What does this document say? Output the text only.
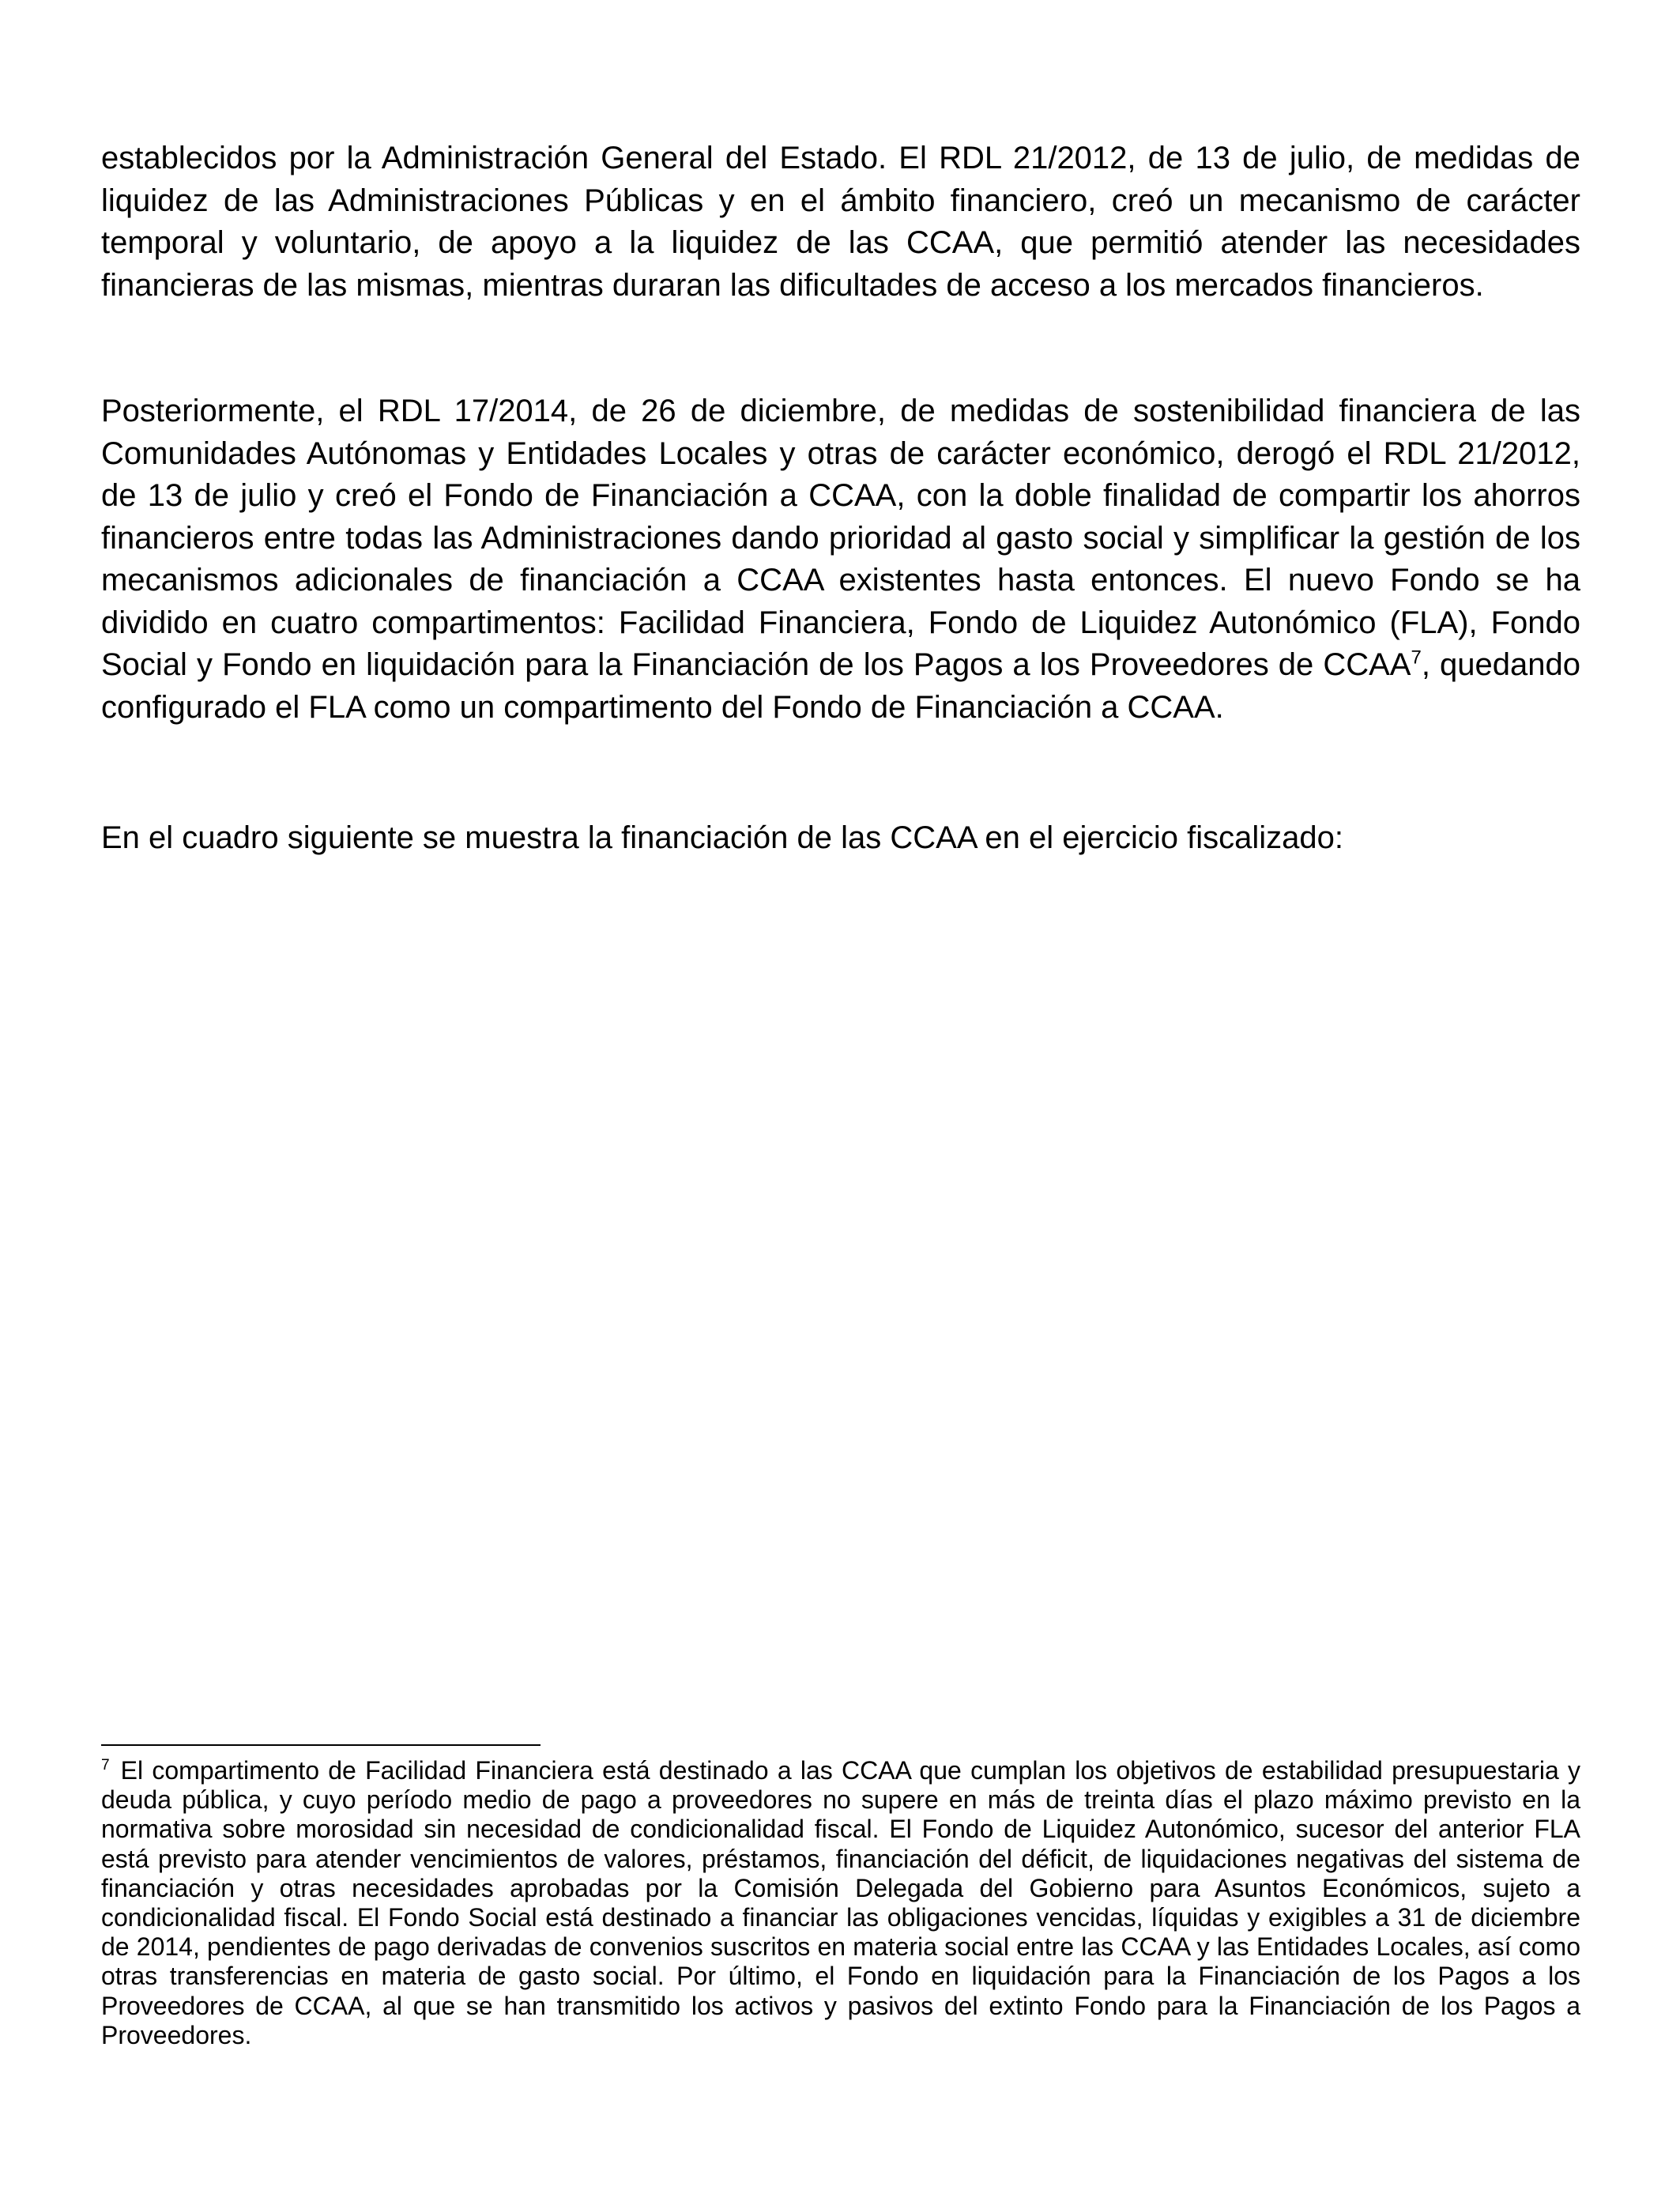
establecidos por la Administración General del Estado. El RDL 21/2012, de 13 de julio, de medidas de liquidez de las Administraciones Públicas y en el ámbito financiero, creó un mecanismo de carácter temporal y voluntario, de apoyo a la liquidez de las CCAA, que permitió atender las necesidades financieras de las mismas, mientras duraran las dificultades de acceso a los mercados financieros.

Posteriormente, el RDL 17/2014, de 26 de diciembre, de medidas de sostenibilidad financiera de las Comunidades Autónomas y Entidades Locales y otras de carácter económico, derogó el RDL 21/2012, de 13 de julio y creó el Fondo de Financiación a CCAA, con la doble finalidad de compartir los ahorros financieros entre todas las Administraciones dando prioridad al gasto social y simplificar la gestión de los mecanismos adicionales de financiación a CCAA existentes hasta entonces. El nuevo Fondo se ha dividido en cuatro compartimentos: Facilidad Financiera, Fondo de Liquidez Autonómico (FLA), Fondo Social y Fondo en liquidación para la Financiación de los Pagos a los Proveedores de CCAA$^7$, quedando configurado el FLA como un compartimento del Fondo de Financiación a CCAA.

En el cuadro siguiente se muestra la financiación de las CCAA en el ejercicio fiscalizado:

$^7$ El compartimento de Facilidad Financiera está destinado a las CCAA que cumplan los objetivos de estabilidad presupuestaria y deuda pública, y cuyo período medio de pago a proveedores no supere en más de treinta días el plazo máximo previsto en la normativa sobre morosidad sin necesidad de condicionalidad fiscal. El Fondo de Liquidez Autonómico, sucesor del anterior FLA está previsto para atender vencimientos de valores, préstamos, financiación del déficit, de liquidaciones negativas del sistema de financiación y otras necesidades aprobadas por la Comisión Delegada del Gobierno para Asuntos Económicos, sujeto a condicionalidad fiscal. El Fondo Social está destinado a financiar las obligaciones vencidas, líquidas y exigibles a 31 de diciembre de 2014, pendientes de pago derivadas de convenios suscritos en materia social entre las CCAA y las Entidades Locales, así como otras transferencias en materia de gasto social. Por último, el Fondo en liquidación para la Financiación de los Pagos a los Proveedores de CCAA, al que se han transmitido los activos y pasivos del extinto Fondo para la Financiación de los Pagos a Proveedores.
